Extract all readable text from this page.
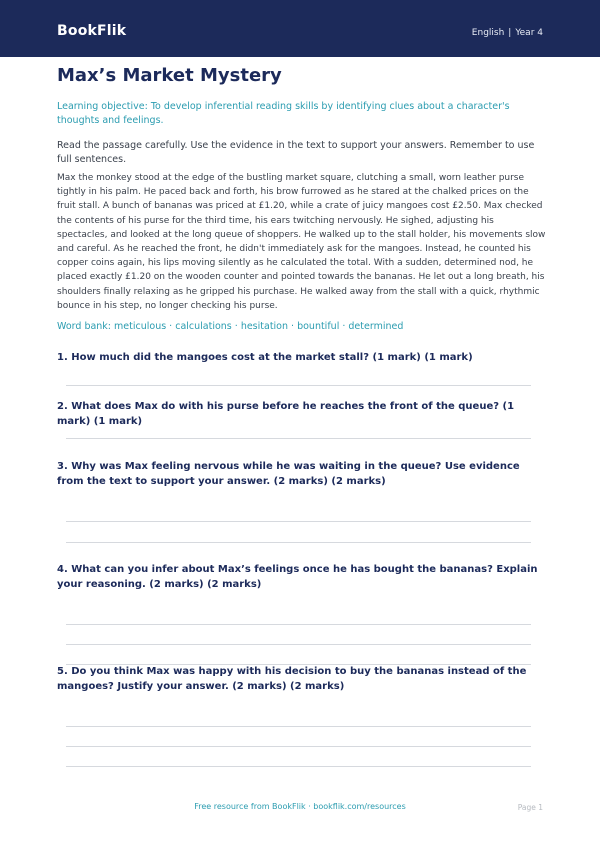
BookFlik	English | Year 4
Max’s Market Mystery

Learning objective: To develop inferential reading skills by identifying clues about a character's thoughts and feelings.

Read the passage carefully. Use the evidence in the text to support your answers. Remember to use full sentences.

Max the monkey stood at the edge of the bustling market square, clutching a small, worn leather purse tightly in his palm. He paced back and forth, his brow furrowed as he stared at the chalked prices on the fruit stall. A bunch of bananas was priced at £1.20, while a crate of juicy mangoes cost £2.50. Max checked the contents of his purse for the third time, his ears twitching nervously. He sighed, adjusting his spectacles, and looked at the long queue of shoppers. He walked up to the stall holder, his movements slow and careful. As he reached the front, he didn't immediately ask for the mangoes. Instead, he counted his copper coins again, his lips moving silently as he calculated the total. With a sudden, determined nod, he placed exactly £1.20 on the wooden counter and pointed towards the bananas. He let out a long breath, his shoulders finally relaxing as he gripped his purchase. He walked away from the stall with a quick, rhythmic bounce in his step, no longer checking his purse.

Word bank: meticulous · calculations · hesitation · bountiful · determined

1. How much did the mangoes cost at the market stall? (1 mark) (1 mark)
2. What does Max do with his purse before he reaches the front of the queue? (1 mark) (1 mark)
3. Why was Max feeling nervous while he was waiting in the queue? Use evidence from the text to support your answer. (2 marks) (2 marks)
4. What can you infer about Max’s feelings once he has bought the bananas? Explain your reasoning. (2 marks) (2 marks)
5. Do you think Max was happy with his decision to buy the bananas instead of the mangoes? Justify your answer. (2 marks) (2 marks)
Free resource from BookFlik · bookflik.com/resources	Page 1
